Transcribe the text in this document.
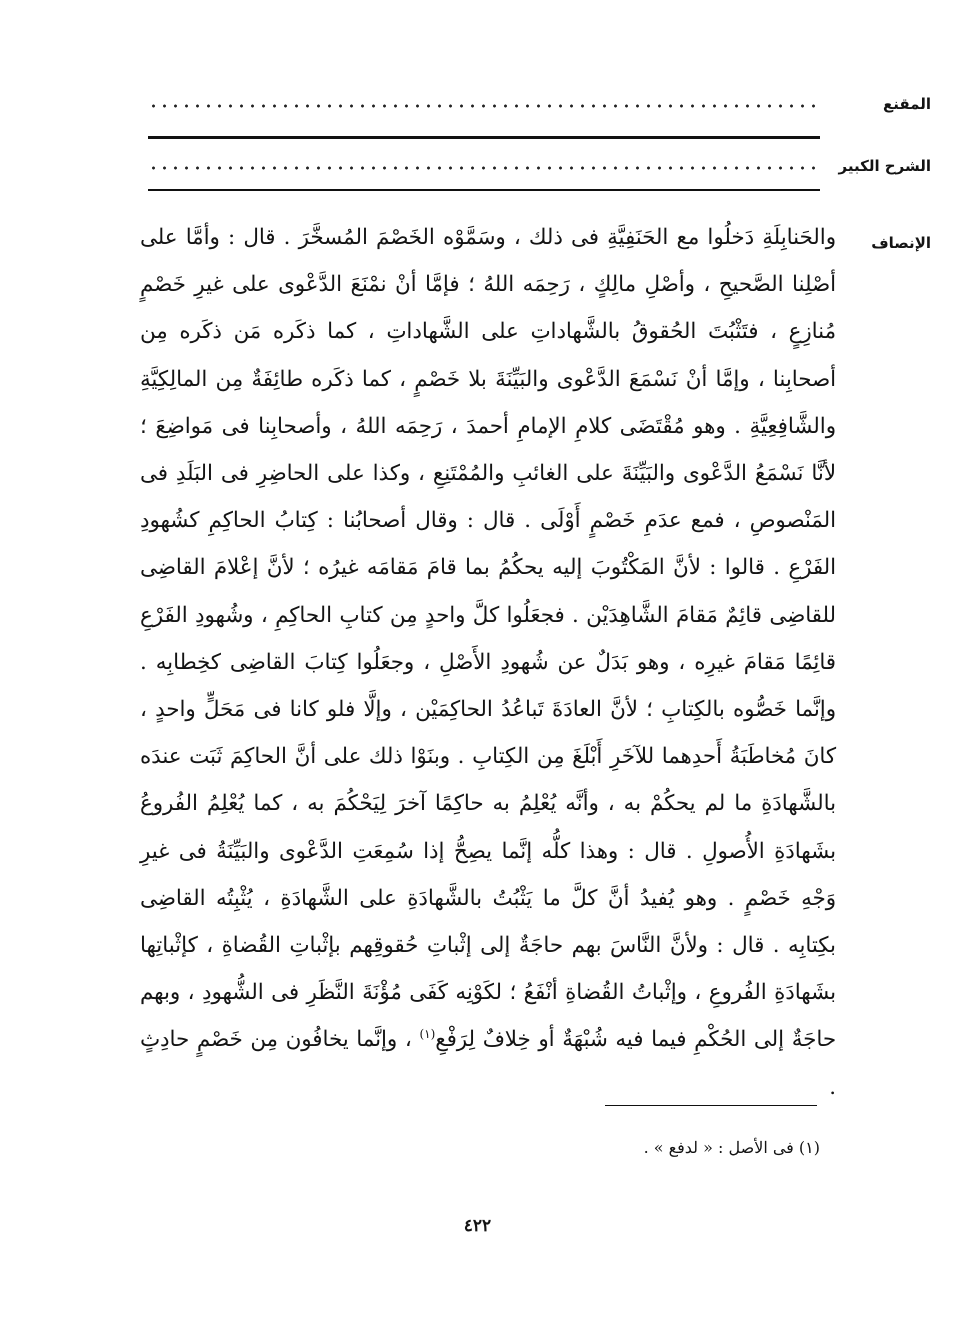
المقنع
الشرح الكبير
الإنصاف

والحَنابِلَةِ دَخلُوا مع الحَنَفِيَّةِ فى ذلك ، وسَمَّوْه الخَصْمَ المُسخَّرَ . قال : وأمَّا على أصْلِنا الصَّحيحِ ، وأصْلِ مالِكٍ ، رَحِمَه اللهُ ؛ فإمَّا أنْ نمْنَعَ الدَّعْوى على غيرِ خَصْمٍ مُنازِعٍ ، فتَثْبُتَ الحُقوقُ بالشَّهاداتِ على الشَّهاداتِ ، كما ذكَره مَن ذكَره مِن أصحابِنا ، وإمَّا أنْ نَسْمَعَ الدَّعْوى والبَيِّنَةَ بلا خَصْمٍ ، كما ذكَره طائِفَةٌ مِن المالِكِيَّةِ والشَّافِعِيَّةِ . وهو مُقْتَضَى كلامِ الإمامِ أحمدَ ، رَحِمَه اللهُ ، وأصحابِنا فى مَواضِعَ ؛ لأنَّا نَسْمَعُ الدَّعْوى والبَيِّنَةَ على الغائبِ والمُمْتَنِعِ ، وكذا على الحاضِرِ فى البَلَدِ فى المَنْصوصِ ، فمع عدَمِ خَصْمٍ أَوْلَى . قال : وقال أصحابُنا : كِتابُ الحاكِمِ كشُهودِ الفَرْعِ . قالوا : لأنَّ المَكْتُوبَ إليه يحكُمُ بما قامَ مَقامَه غيرُه ؛ لأنَّ إعْلامَ القاضِى للقاضِى قائِمٌ مَقامَ الشَّاهِدَيْن . فجعَلُوا كلَّ واحدٍ مِن كتابِ الحاكِمِ ، وشُهودِ الفَرْعِ قائِمًا مَقامَ غيرِه ، وهو بَدَلٌ عن شُهودِ الأَصْلِ ، وجعَلُوا كِتابَ القاضِى كخِطابِه . وإنَّما خَصُّوه بالكِتابِ ؛ لأنَّ العادَةَ تَباعُدُ الحاكِمَيْن ، وإلَّا فلو كانا فى مَحَلٍّ واحدٍ ، كانَ مُخاطَبَةُ أَحدِهما للآخَرِ أَبْلَغَ مِن الكِتابِ . وبنَوْا ذلك على أنَّ الحاكِمَ ثَبَت عندَه بالشَّهادَةِ ما لم يحكُمْ به ، وأنَّه يُعْلِمُ به حاكِمًا آخرَ لِيَحْكُمَ به ، كما يُعْلِمُ الفُروعُ بشَهادَةِ الأُصولِ . قال : وهذا كلُّه إنَّما يصِحُّ إذا سُمِعَتِ الدَّعْوى والبَيِّنَةُ فى غيرِ وَجْهِ خَصْمٍ . وهو يُفيدُ أنَّ كلَّ ما يَثْبُتُ بالشَّهادَةِ على الشَّهادَةِ ، يُثْبِتُه القاضِى بكِتابِه . قال : ولأنَّ النَّاسَ بهم حاجَةٌ إلى إثْباتِ حُقوقِهم بإثْباتِ القُضاةِ ، كإثْباتِها بشَهادَةِ الفُروعِ ، وإثْباتُ القُضاةِ أنْفَعُ ؛ لكَوْنِه كَفَى مُؤْنَةَ النَّظَرِ فى الشُّهودِ ، وبهم حاجَةٌ إلى الحُكْمِ فيما فيه شُبْهَةٌ أو خِلافٌ لِرَفْعِ$^{(١)}$ ، وإنَّما يخافُون مِن خَصْمٍ حادِثٍ .

(١) فى الأصل : « لدفع » .
٤٢٢
